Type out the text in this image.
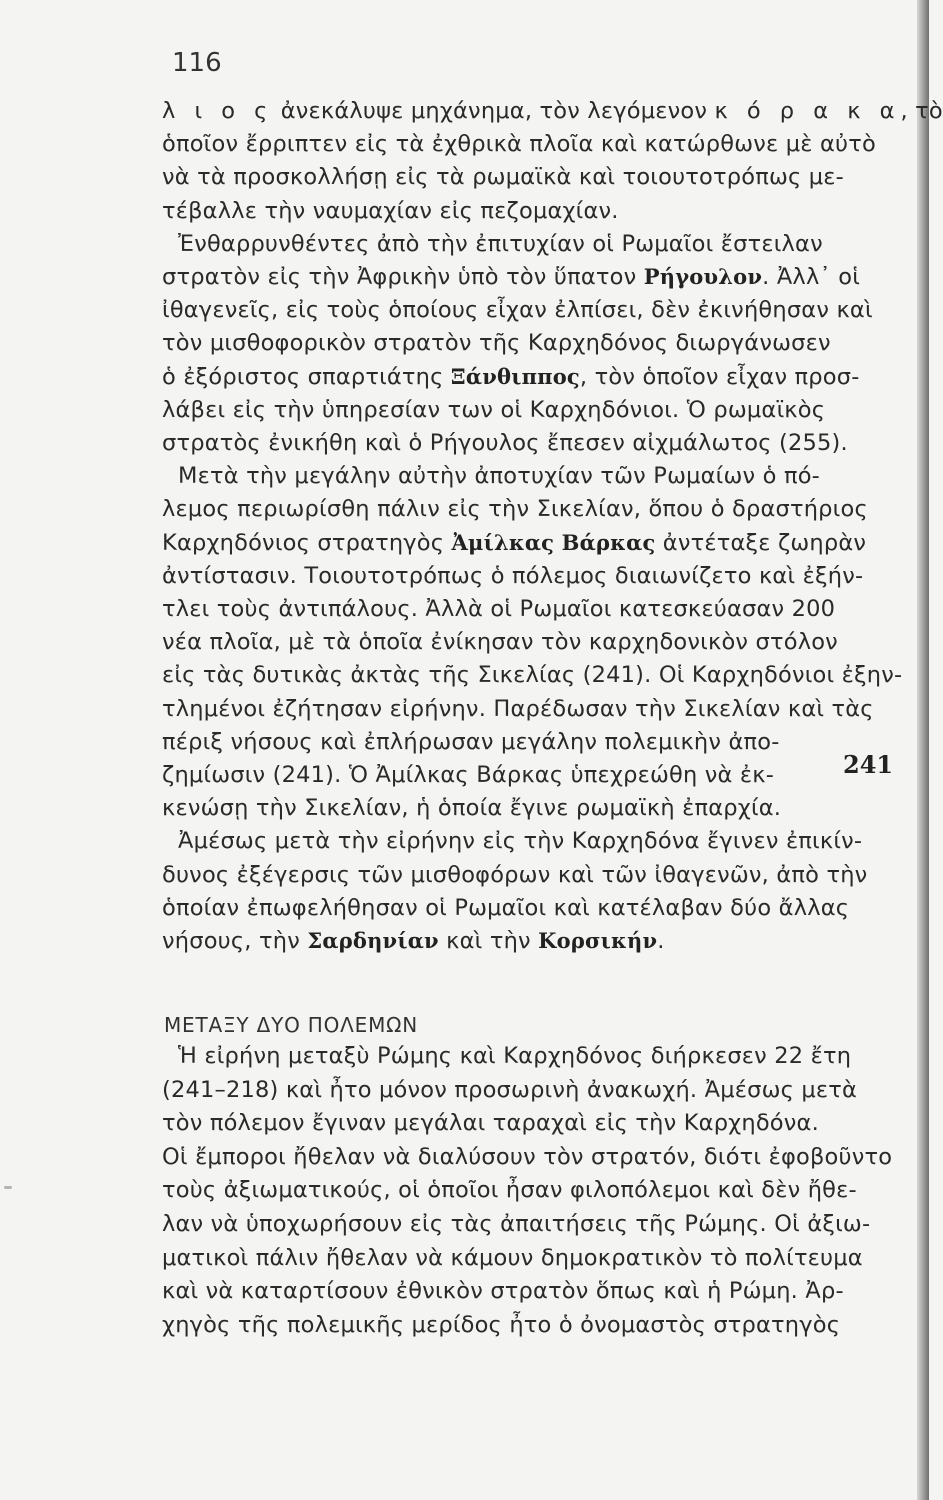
116
241
ΜΕΤΑΞΥ ΔΥΟ ΠΟΛΕΜΩΝ
λ ι ο ς ἀνεκάλυψε μηχάνημα, τὸν λεγόμενον κ ό ρ α κ α, τὸ
ὁποῖον ἔρριπτεν εἰς τὰ ἐχθρικὰ πλοῖα καὶ κατώρθωνε μὲ αὐτὸ
νὰ τὰ προσκολλήσῃ εἰς τὰ ρωμαϊκὰ καὶ τοιουτοτρόπως με-
τέβαλλε τὴν ναυμαχίαν εἰς πεζομαχίαν.
Ἐνθαρρυνθέντες ἀπὸ τὴν ἐπιτυχίαν οἱ Ρωμαῖοι ἔστειλαν
στρατὸν εἰς τὴν Ἀφρικὴν ὑπὸ τὸν ὕπατον Ρήγουλον. Ἀλλ᾽ οἱ
ἰθαγενεῖς, εἰς τοὺς ὁποίους εἶχαν ἐλπίσει, δὲν ἐκινήθησαν καὶ
τὸν μισθοφορικὸν στρατὸν τῆς Καρχηδόνος διωργάνωσεν
ὁ ἐξόριστος σπαρτιάτης Ξάνθιππος, τὸν ὁποῖον εἶχαν προσ-
λάβει εἰς τὴν ὑπηρεσίαν των οἱ Καρχηδόνιοι. Ὁ ρωμαϊκὸς
στρατὸς ἐνικήθη καὶ ὁ Ρήγουλος ἔπεσεν αἰχμάλωτος (255).
Μετὰ τὴν μεγάλην αὐτὴν ἀποτυχίαν τῶν Ρωμαίων ὁ πό-
λεμος περιωρίσθη πάλιν εἰς τὴν Σικελίαν, ὅπου ὁ δραστήριος
Καρχηδόνιος στρατηγὸς Ἀμίλκας Βάρκας ἀντέταξε ζωηρὰν
ἀντίστασιν. Τοιουτοτρόπως ὁ πόλεμος διαιωνίζετο καὶ ἐξήν-
τλει τοὺς ἀντιπάλους. Ἀλλὰ οἱ Ρωμαῖοι κατεσκεύασαν 200
νέα πλοῖα, μὲ τὰ ὁποῖα ἐνίκησαν τὸν καρχηδονικὸν στόλον
εἰς τὰς δυτικὰς ἀκτὰς τῆς Σικελίας (241). Οἱ Καρχηδόνιοι ἐξην-
τλημένοι ἐζήτησαν εἰρήνην. Παρέδωσαν τὴν Σικελίαν καὶ τὰς
πέριξ νήσους καὶ ἐπλήρωσαν μεγάλην πολεμικὴν ἀπο-
ζημίωσιν (241). Ὁ Ἀμίλκας Βάρκας ὑπεχρεώθη νὰ ἐκ-
κενώσῃ τὴν Σικελίαν, ἡ ὁποία ἔγινε ρωμαϊκὴ ἐπαρχία.
Ἀμέσως μετὰ τὴν εἰρήνην εἰς τὴν Καρχηδόνα ἔγινεν ἐπικίν-
δυνος ἐξέγερσις τῶν μισθοφόρων καὶ τῶν ἰθαγενῶν, ἀπὸ τὴν
ὁποίαν ἐπωφελήθησαν οἱ Ρωμαῖοι καὶ κατέλαβαν δύο ἄλλας
νήσους, τὴν Σαρδηνίαν καὶ τὴν Κορσικήν.
Ἡ εἰρήνη μεταξὺ Ρώμης καὶ Καρχηδόνος διήρκεσεν 22 ἔτη
(241–218) καὶ ἦτο μόνον προσωρινὴ ἀνακωχή. Ἀμέσως μετὰ
τὸν πόλεμον ἔγιναν μεγάλαι ταραχαὶ εἰς τὴν Καρχηδόνα.
Οἱ ἔμποροι ἤθελαν νὰ διαλύσουν τὸν στρατόν, διότι ἐφοβοῦντο
τοὺς ἀξιωματικούς, οἱ ὁποῖοι ἦσαν φιλοπόλεμοι καὶ δὲν ἤθε-
λαν νὰ ὑποχωρήσουν εἰς τὰς ἀπαιτήσεις τῆς Ρώμης. Οἱ ἀξιω-
ματικοὶ πάλιν ἤθελαν νὰ κάμουν δημοκρατικὸν τὸ πολίτευμα
καὶ νὰ καταρτίσουν ἐθνικὸν στρατὸν ὅπως καὶ ἡ Ρώμη. Ἀρ-
χηγὸς τῆς πολεμικῆς μερίδος ἦτο ὁ ὀνομαστὸς στρατηγὸς
